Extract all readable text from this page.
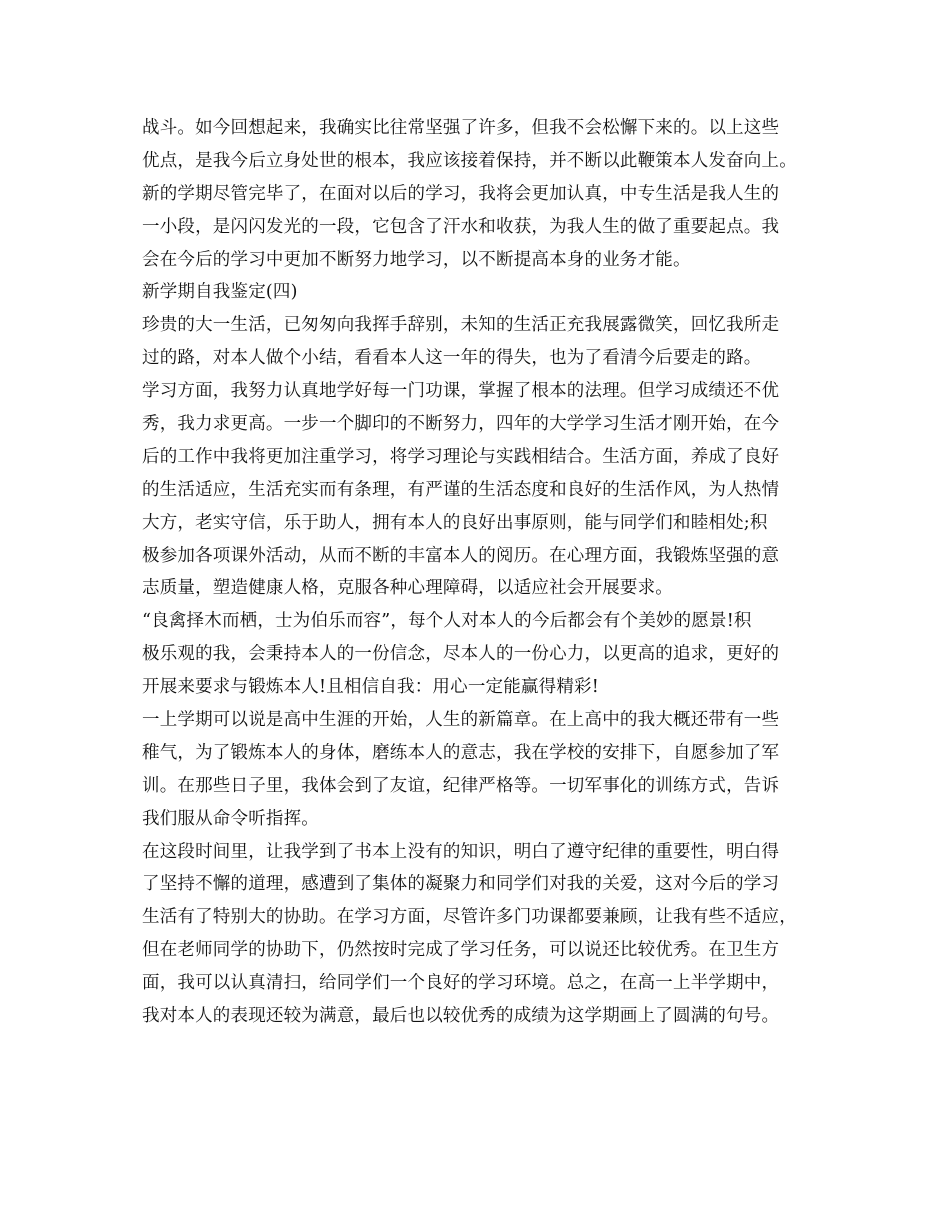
战斗。如今回想起来，我确实比往常坚强了许多，但我不会松懈下来的。以上这些
优点，是我今后立身处世的根本，我应该接着保持，并不断以此鞭策本人发奋向上。
新的学期尽管完毕了，在面对以后的学习，我将会更加认真，中专生活是我人生的
一小段，是闪闪发光的一段，它包含了汗水和收获，为我人生的做了重要起点。我
会在今后的学习中更加不断努力地学习，以不断提高本身的业务才能。
新学期自我鉴定(四)
珍贵的大一生活，已匆匆向我挥手辞别，未知的生活正充我展露微笑，回忆我所走
过的路，对本人做个小结，看看本人这一年的得失，也为了看清今后要走的路。
学习方面，我努力认真地学好每一门功课，掌握了根本的法理。但学习成绩还不优
秀，我力求更高。一步一个脚印的不断努力，四年的大学学习生活才刚开始，在今
后的工作中我将更加注重学习，将学习理论与实践相结合。生活方面，养成了良好
的生活适应，生活充实而有条理，有严谨的生活态度和良好的生活作风，为人热情
大方，老实守信，乐于助人，拥有本人的良好出事原则，能与同学们和睦相处;积
极参加各项课外活动，从而不断的丰富本人的阅历。在心理方面，我锻炼坚强的意
志质量，塑造健康人格，克服各种心理障碍，以适应社会开展要求。
“良禽择木而栖，士为伯乐而容”，每个人对本人的今后都会有个美妙的愿景!积
极乐观的我，会秉持本人的一份信念，尽本人的一份心力，以更高的追求，更好的
开展来要求与锻炼本人!且相信自我：用心一定能赢得精彩!
一上学期可以说是高中生涯的开始，人生的新篇章。在上高中的我大概还带有一些
稚气，为了锻炼本人的身体，磨练本人的意志，我在学校的安排下，自愿参加了军
训。在那些日子里，我体会到了友谊，纪律严格等。一切军事化的训练方式，告诉
我们服从命令听指挥。
在这段时间里，让我学到了书本上没有的知识，明白了遵守纪律的重要性，明白得
了坚持不懈的道理，感遭到了集体的凝聚力和同学们对我的关爱，这对今后的学习
生活有了特别大的协助。在学习方面，尽管许多门功课都要兼顾，让我有些不适应，
但在老师同学的协助下，仍然按时完成了学习任务，可以说还比较优秀。在卫生方
面，我可以认真清扫，给同学们一个良好的学习环境。总之，在高一上半学期中，
我对本人的表现还较为满意，最后也以较优秀的成绩为这学期画上了圆满的句号。
